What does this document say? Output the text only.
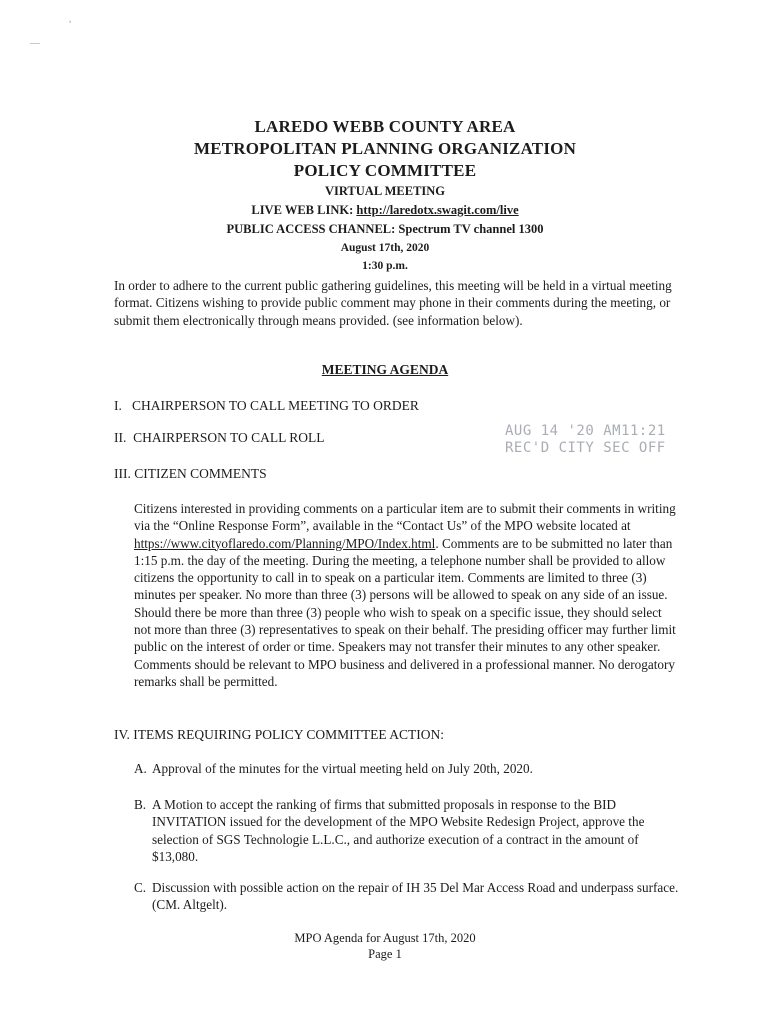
ʾ
—
LAREDO WEBB COUNTY AREA
METROPOLITAN PLANNING ORGANIZATION
POLICY COMMITTEE
VIRTUAL MEETING
LIVE WEB LINK: http://laredotx.swagit.com/live
PUBLIC ACCESS CHANNEL: Spectrum TV channel 1300
August 17th, 2020
1:30 p.m.
In order to adhere to the current public gathering guidelines, this meeting will be held in a virtual meeting format. Citizens wishing to provide public comment may phone in their comments during the meeting, or submit them electronically through means provided. (see information below).
MEETING AGENDA
I.   CHAIRPERSON TO CALL MEETING TO ORDER
II.  CHAIRPERSON TO CALL ROLL
III. CITIZEN COMMENTS
AUG 14 '20 AM11:21
REC'D CITY SEC OFF
Citizens interested in providing comments on a particular item are to submit their comments in writing via the “Online Response Form”, available in the “Contact Us” of the MPO website located at https://www.cityoflaredo.com/Planning/MPO/Index.html. Comments are to be submitted no later than 1:15 p.m. the day of the meeting. During the meeting, a telephone number shall be provided to allow citizens the opportunity to call in to speak on a particular item. Comments are limited to three (3) minutes per speaker. No more than three (3) persons will be allowed to speak on any side of an issue. Should there be more than three (3) people who wish to speak on a specific issue, they should select not more than three (3) representatives to speak on their behalf. The presiding officer may further limit public on the interest of order or time. Speakers may not transfer their minutes to any other speaker. Comments should be relevant to MPO business and delivered in a professional manner. No derogatory remarks shall be permitted.
IV. ITEMS REQUIRING POLICY COMMITTEE ACTION:
A. Approval of the minutes for the virtual meeting held on July 20th, 2020.
B. A Motion to accept the ranking of firms that submitted proposals in response to the BID INVITATION issued for the development of the MPO Website Redesign Project, approve the selection of SGS Technologie L.L.C., and authorize execution of a contract in the amount of $13,080.
C. Discussion with possible action on the repair of IH 35 Del Mar Access Road and underpass surface. (CM. Altgelt).
MPO Agenda for August 17th, 2020
Page 1
